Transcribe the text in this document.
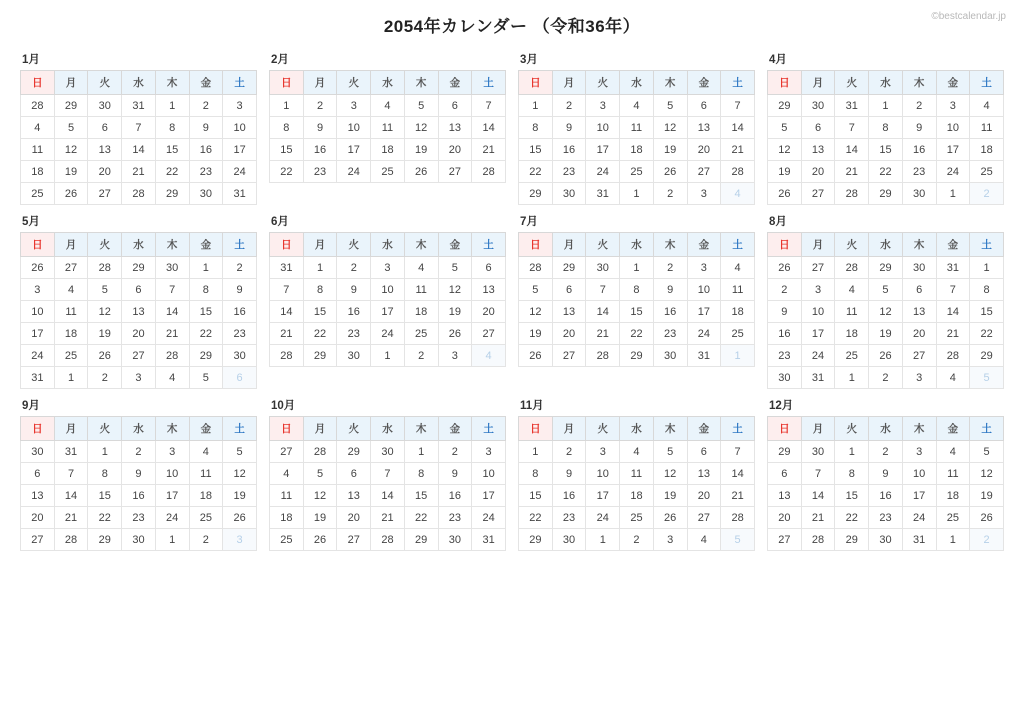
2054年カレンダー （令和36年）
©bestcalendar.jp
1月
日	月	火	水	木	金	土
28	29	30	31	1	2	3
4	5	6	7	8	9	10
11	12	13	14	15	16	17
18	19	20	21	22	23	24
25	26	27	28	29	30	31
2月
日	月	火	水	木	金	土
1	2	3	4	5	6	7
8	9	10	11	12	13	14
15	16	17	18	19	20	21
22	23	24	25	26	27	28
3月
日	月	火	水	木	金	土
1	2	3	4	5	6	7
8	9	10	11	12	13	14
15	16	17	18	19	20	21
22	23	24	25	26	27	28
29	30	31	1	2	3	4
4月
日	月	火	水	木	金	土
29	30	31	1	2	3	4
5	6	7	8	9	10	11
12	13	14	15	16	17	18
19	20	21	22	23	24	25
26	27	28	29	30	1	2
5月
日	月	火	水	木	金	土
26	27	28	29	30	1	2
3	4	5	6	7	8	9
10	11	12	13	14	15	16
17	18	19	20	21	22	23
24	25	26	27	28	29	30
31	1	2	3	4	5	6
6月
日	月	火	水	木	金	土
31	1	2	3	4	5	6
7	8	9	10	11	12	13
14	15	16	17	18	19	20
21	22	23	24	25	26	27
28	29	30	1	2	3	4
7月
日	月	火	水	木	金	土
28	29	30	1	2	3	4
5	6	7	8	9	10	11
12	13	14	15	16	17	18
19	20	21	22	23	24	25
26	27	28	29	30	31	1
8月
日	月	火	水	木	金	土
26	27	28	29	30	31	1
2	3	4	5	6	7	8
9	10	11	12	13	14	15
16	17	18	19	20	21	22
23	24	25	26	27	28	29
30	31	1	2	3	4	5
9月
日	月	火	水	木	金	土
30	31	1	2	3	4	5
6	7	8	9	10	11	12
13	14	15	16	17	18	19
20	21	22	23	24	25	26
27	28	29	30	1	2	3
10月
日	月	火	水	木	金	土
27	28	29	30	1	2	3
4	5	6	7	8	9	10
11	12	13	14	15	16	17
18	19	20	21	22	23	24
25	26	27	28	29	30	31
11月
日	月	火	水	木	金	土
1	2	3	4	5	6	7
8	9	10	11	12	13	14
15	16	17	18	19	20	21
22	23	24	25	26	27	28
29	30	1	2	3	4	5
12月
日	月	火	水	木	金	土
29	30	1	2	3	4	5
6	7	8	9	10	11	12
13	14	15	16	17	18	19
20	21	22	23	24	25	26
27	28	29	30	31	1	2
